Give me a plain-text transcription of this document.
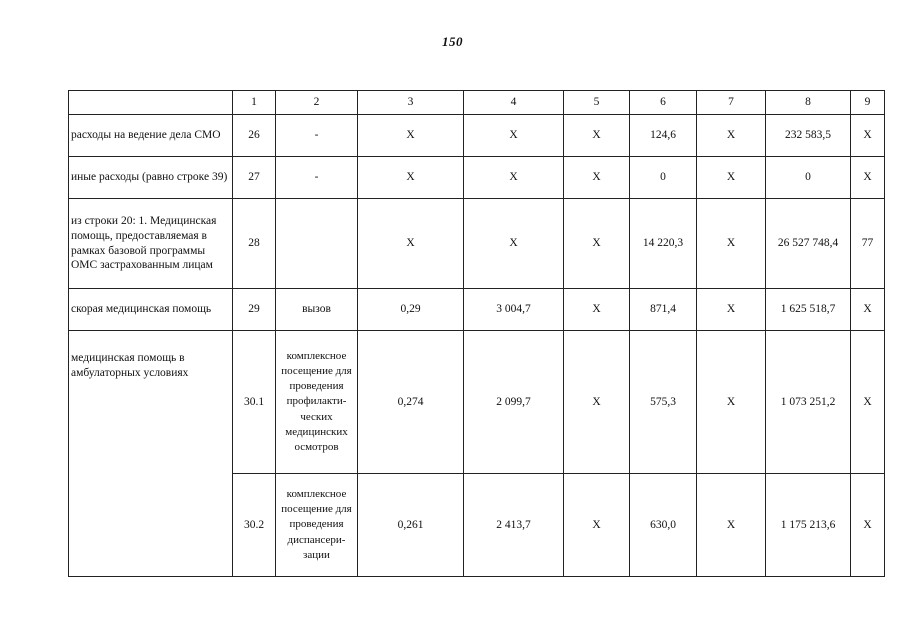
150
	1	2	3	4	5	6	7	8	9
расходы на ведение дела СМО	26	-	X	X	X	124,6	X	232 583,5	X
иные расходы (равно строке 39)	27	-	X	X	X	0	X	0	X
из строки 20: 1. Медицинская помощь, предоставляемая в рамках базовой программы ОМС застрахованным лицам	28		X	X	X	14 220,3	X	26 527 748,4	77
скорая медицинская помощь	29	вызов	0,29	3 004,7	X	871,4	X	1 625 518,7	X
медицинская помощь в амбулаторных условиях	30.1	комплексное посещение для проведения профилакти-ческих медицинских осмотров	0,274	2 099,7	X	575,3	X	1 073 251,2	X
	30.2	комплексное посещение для проведения диспансери-зации	0,261	2 413,7	X	630,0	X	1 175 213,6	X
